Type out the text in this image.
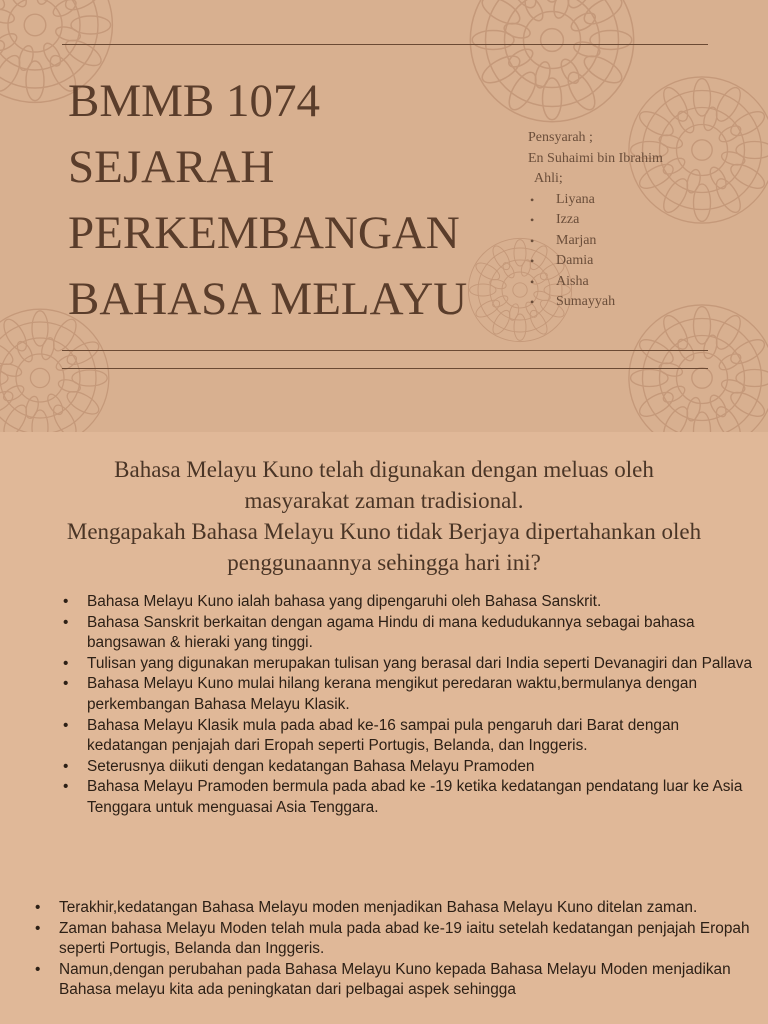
BMMB 1074
SEJARAH
PERKEMBANGAN
BAHASA MELAYU
Pensyarah ;
En Suhaimi bin Ibrahim
Ahli;
• Liyana
• Izza
• Marjan
• Damia
• Aisha
• Sumayyah
Bahasa Melayu Kuno telah digunakan dengan meluas oleh
masyarakat zaman tradisional.
Mengapakah Bahasa Melayu Kuno tidak Berjaya dipertahankan oleh
penggunaannya sehingga hari ini?
• Bahasa Melayu Kuno ialah bahasa yang dipengaruhi oleh Bahasa Sanskrit.
• Bahasa Sanskrit berkaitan dengan agama Hindu di mana kedudukannya sebagai bahasa bangsawan & hieraki yang tinggi.
• Tulisan yang digunakan merupakan tulisan yang berasal dari India seperti Devanagiri dan Pallava
• Bahasa Melayu Kuno mulai hilang kerana mengikut peredaran waktu,bermulanya dengan perkembangan Bahasa Melayu Klasik.
• Bahasa Melayu Klasik mula pada abad ke-16 sampai pula pengaruh dari Barat dengan kedatangan penjajah dari Eropah seperti Portugis, Belanda, dan Inggeris.
• Seterusnya diikuti dengan kedatangan Bahasa Melayu Pramoden
• Bahasa Melayu Pramoden bermula pada abad ke -19 ketika kedatangan pendatang luar ke Asia Tenggara untuk menguasai Asia Tenggara.
• Terakhir,kedatangan Bahasa Melayu moden menjadikan Bahasa Melayu Kuno ditelan zaman.
• Zaman bahasa Melayu Moden telah mula pada abad ke-19 iaitu setelah kedatangan penjajah Eropah seperti Portugis, Belanda dan Inggeris.
• Namun,dengan perubahan pada Bahasa Melayu Kuno kepada Bahasa Melayu Moden menjadikan Bahasa melayu kita ada peningkatan dari pelbagai aspek sehingga
